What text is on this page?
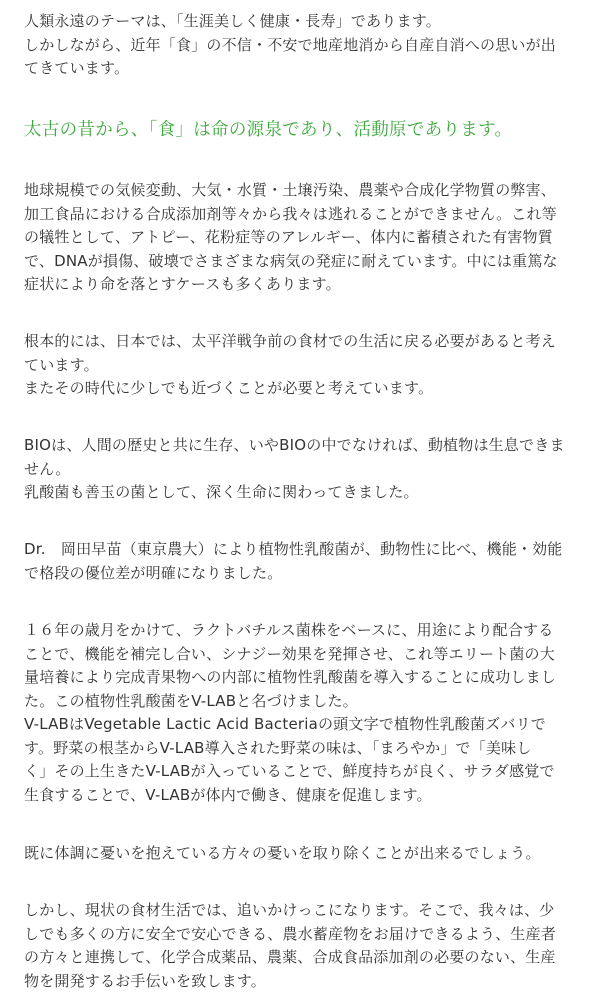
人類永遠のテーマは、「生涯美しく健康・長寿」であります。
しかしながら、近年「食」の不信・不安で地産地消から自産自消への思いが出
てきています。

太古の昔から、「食」は命の源泉であり、活動原であります。

地球規模での気候変動、大気・水質・土壌汚染、農薬や合成化学物質の弊害、
加工食品における合成添加剤等々から我々は逃れることができません。これ等
の犠牲として、アトピー、花粉症等のアレルギー、体内に蓄積された有害物質
で、DNAが損傷、破壊でさまざまな病気の発症に耐えています。中には重篤な
症状により命を落とすケースも多くあります。

根本的には、日本では、太平洋戦争前の食材での生活に戻る必要があると考え
ています。
またその時代に少しでも近づくことが必要と考えています。

BIOは、人間の歴史と共に生存、いやBIOの中でなければ、動植物は生息できま
せん。
乳酸菌も善玉の菌として、深く生命に関わってきました。

Dr.　岡田早苗（東京農大）により植物性乳酸菌が、動物性に比べ、機能・効能
で格段の優位差が明確になりました。

１６年の歳月をかけて、ラクトバチルス菌株をベースに、用途により配合する
ことで、機能を補完し合い、シナジー効果を発揮させ、これ等エリート菌の大
量培養により完成青果物への内部に植物性乳酸菌を導入することに成功しまし
た。この植物性乳酸菌をV-LABと名づけました。
V-LABはVegetable Lactic Acid Bacteriaの頭文字で植物性乳酸菌ズバリで
す。野菜の根茎からV-LAB導入された野菜の味は、「まろやか」で「美味し
く」その上生きたV-LABが入っていることで、鮮度持ちが良く、サラダ感覚で
生食することで、V-LABが体内で働き、健康を促進します。

既に体調に憂いを抱えている方々の憂いを取り除くことが出来るでしょう。

しかし、現状の食材生活では、追いかけっこになります。そこで、我々は、少
しでも多くの方に安全で安心できる、農水蓄産物をお届けできるよう、生産者
の方々と連携して、化学合成薬品、農薬、合成食品添加剤の必要のない、生産
物を開発するお手伝いを致します。
